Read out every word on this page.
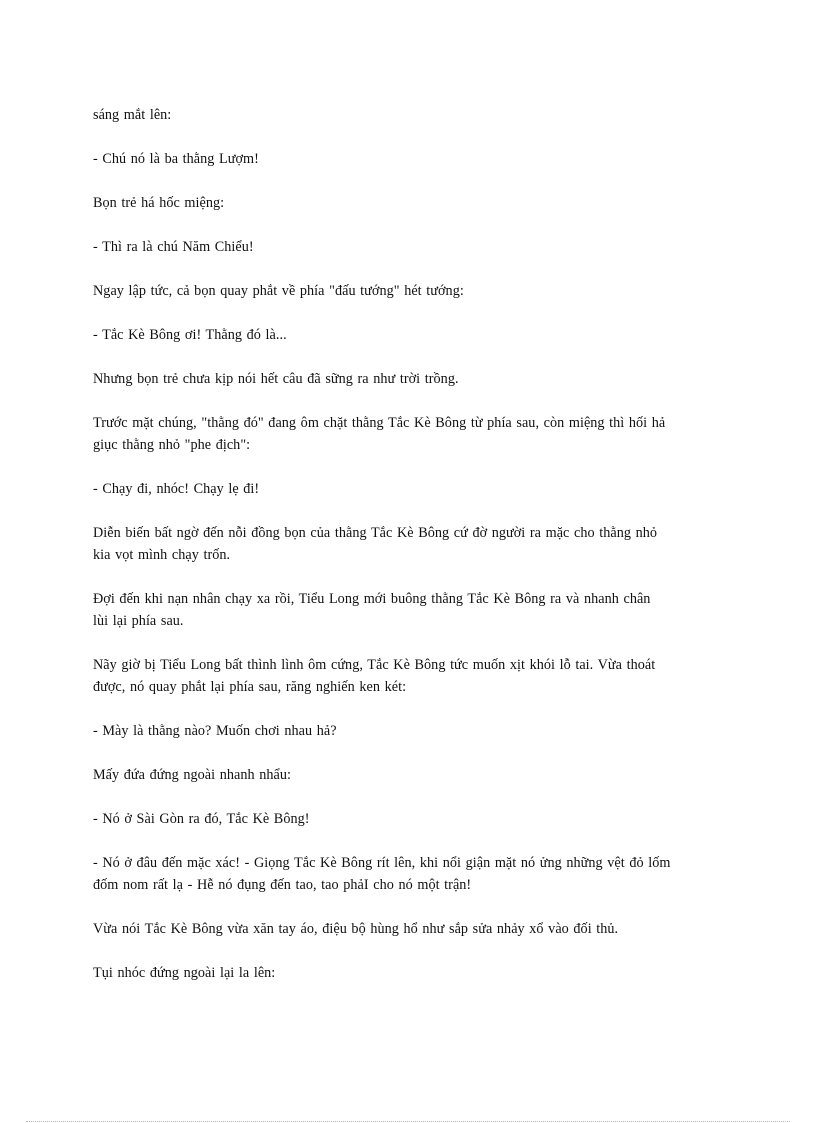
sáng mắt lên:

- Chú nó là ba thằng Lượm!

Bọn trẻ há hốc miệng:

- Thì ra là chú Năm Chiểu!

Ngay lập tức, cả bọn quay phắt về phía "đấu tướng" hét tướng:

- Tắc Kè Bông ơi! Thằng đó là...

Nhưng bọn trẻ chưa kịp nói hết câu đã sững ra như trời trồng.

Trước mặt chúng, "thằng đó" đang ôm chặt thằng Tắc Kè Bông từ phía sau, còn miệng thì hối hả
giục thằng nhỏ "phe địch":

- Chạy đi, nhóc! Chạy lẹ đi!

Diễn biến bất ngờ đến nỗi đồng bọn của thằng Tắc Kè Bông cứ đờ người ra mặc cho thằng nhỏ
kia vọt mình chạy trốn.

Đợi đến khi nạn nhân chạy xa rồi, Tiểu Long mới buông thằng Tắc Kè Bông ra và nhanh chân
lùi lại phía sau.

Nãy giờ bị Tiểu Long bất thình lình ôm cứng, Tắc Kè Bông tức muốn xịt khói lỗ tai. Vừa thoát
được, nó quay phắt lại phía sau, răng nghiến ken két:

- Mày là thằng nào? Muốn chơi nhau hả?

Mấy đứa đứng ngoài nhanh nhẩu:

- Nó ở Sài Gòn ra đó, Tắc Kè Bông!

- Nó ở đâu đến mặc xác! - Giọng Tắc Kè Bông rít lên, khi nổi giận mặt nó ửng những vệt đỏ lốm
đốm nom rất lạ - Hễ nó đụng đến tao, tao phảI cho nó một trận!

Vừa nói Tắc Kè Bông vừa xăn tay áo, điệu bộ hùng hổ như sắp sửa nhảy xổ vào đối thủ.

Tụi nhóc đứng ngoài lại la lên:
